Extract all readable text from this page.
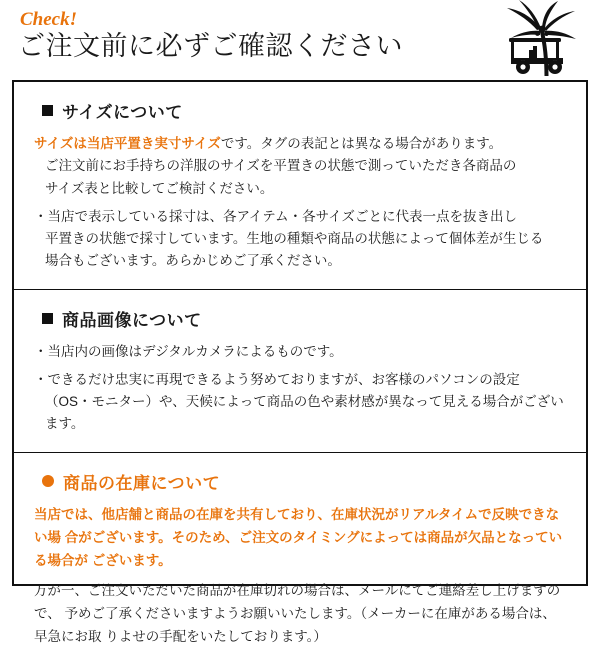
Check!
ご注文前に必ずご確認ください
サイズについて

サイズは当店平置き実寸サイズです。タグの表記とは異なる場合があります。
ご注文前にお手持ちの洋服のサイズを平置きの状態で測っていただき各商品の
サイズ表と比較してご検討ください。

・当店で表示している採寸は、各アイテム・各サイズごとに代表一点を抜き出し
平置きの状態で採寸しています。生地の種類や商品の状態によって個体差が生じる
場合もございます。あらかじめご了承ください。

商品画像について

・当店内の画像はデジタルカメラによるものです。

・できるだけ忠実に再現できるよう努めておりますが、お客様のパソコンの設定
（OS・モニター）や、天候によって商品の色や素材感が異なって見える場合がござい
ます。

商品の在庫について

当店では、他店舗と商品の在庫を共有しており、在庫状況がリアルタイムで反映できない場 合がございます。そのため、ご注文のタイミングによっては商品が欠品となっている場合が ございます。

万が一、ご注文いただいた商品が在庫切れの場合は、メールにてご連絡差し上げますので、 予めご了承くださいますようお願いいたします。（メーカーに在庫がある場合は、早急にお取 りよせの手配をいたしております。）
